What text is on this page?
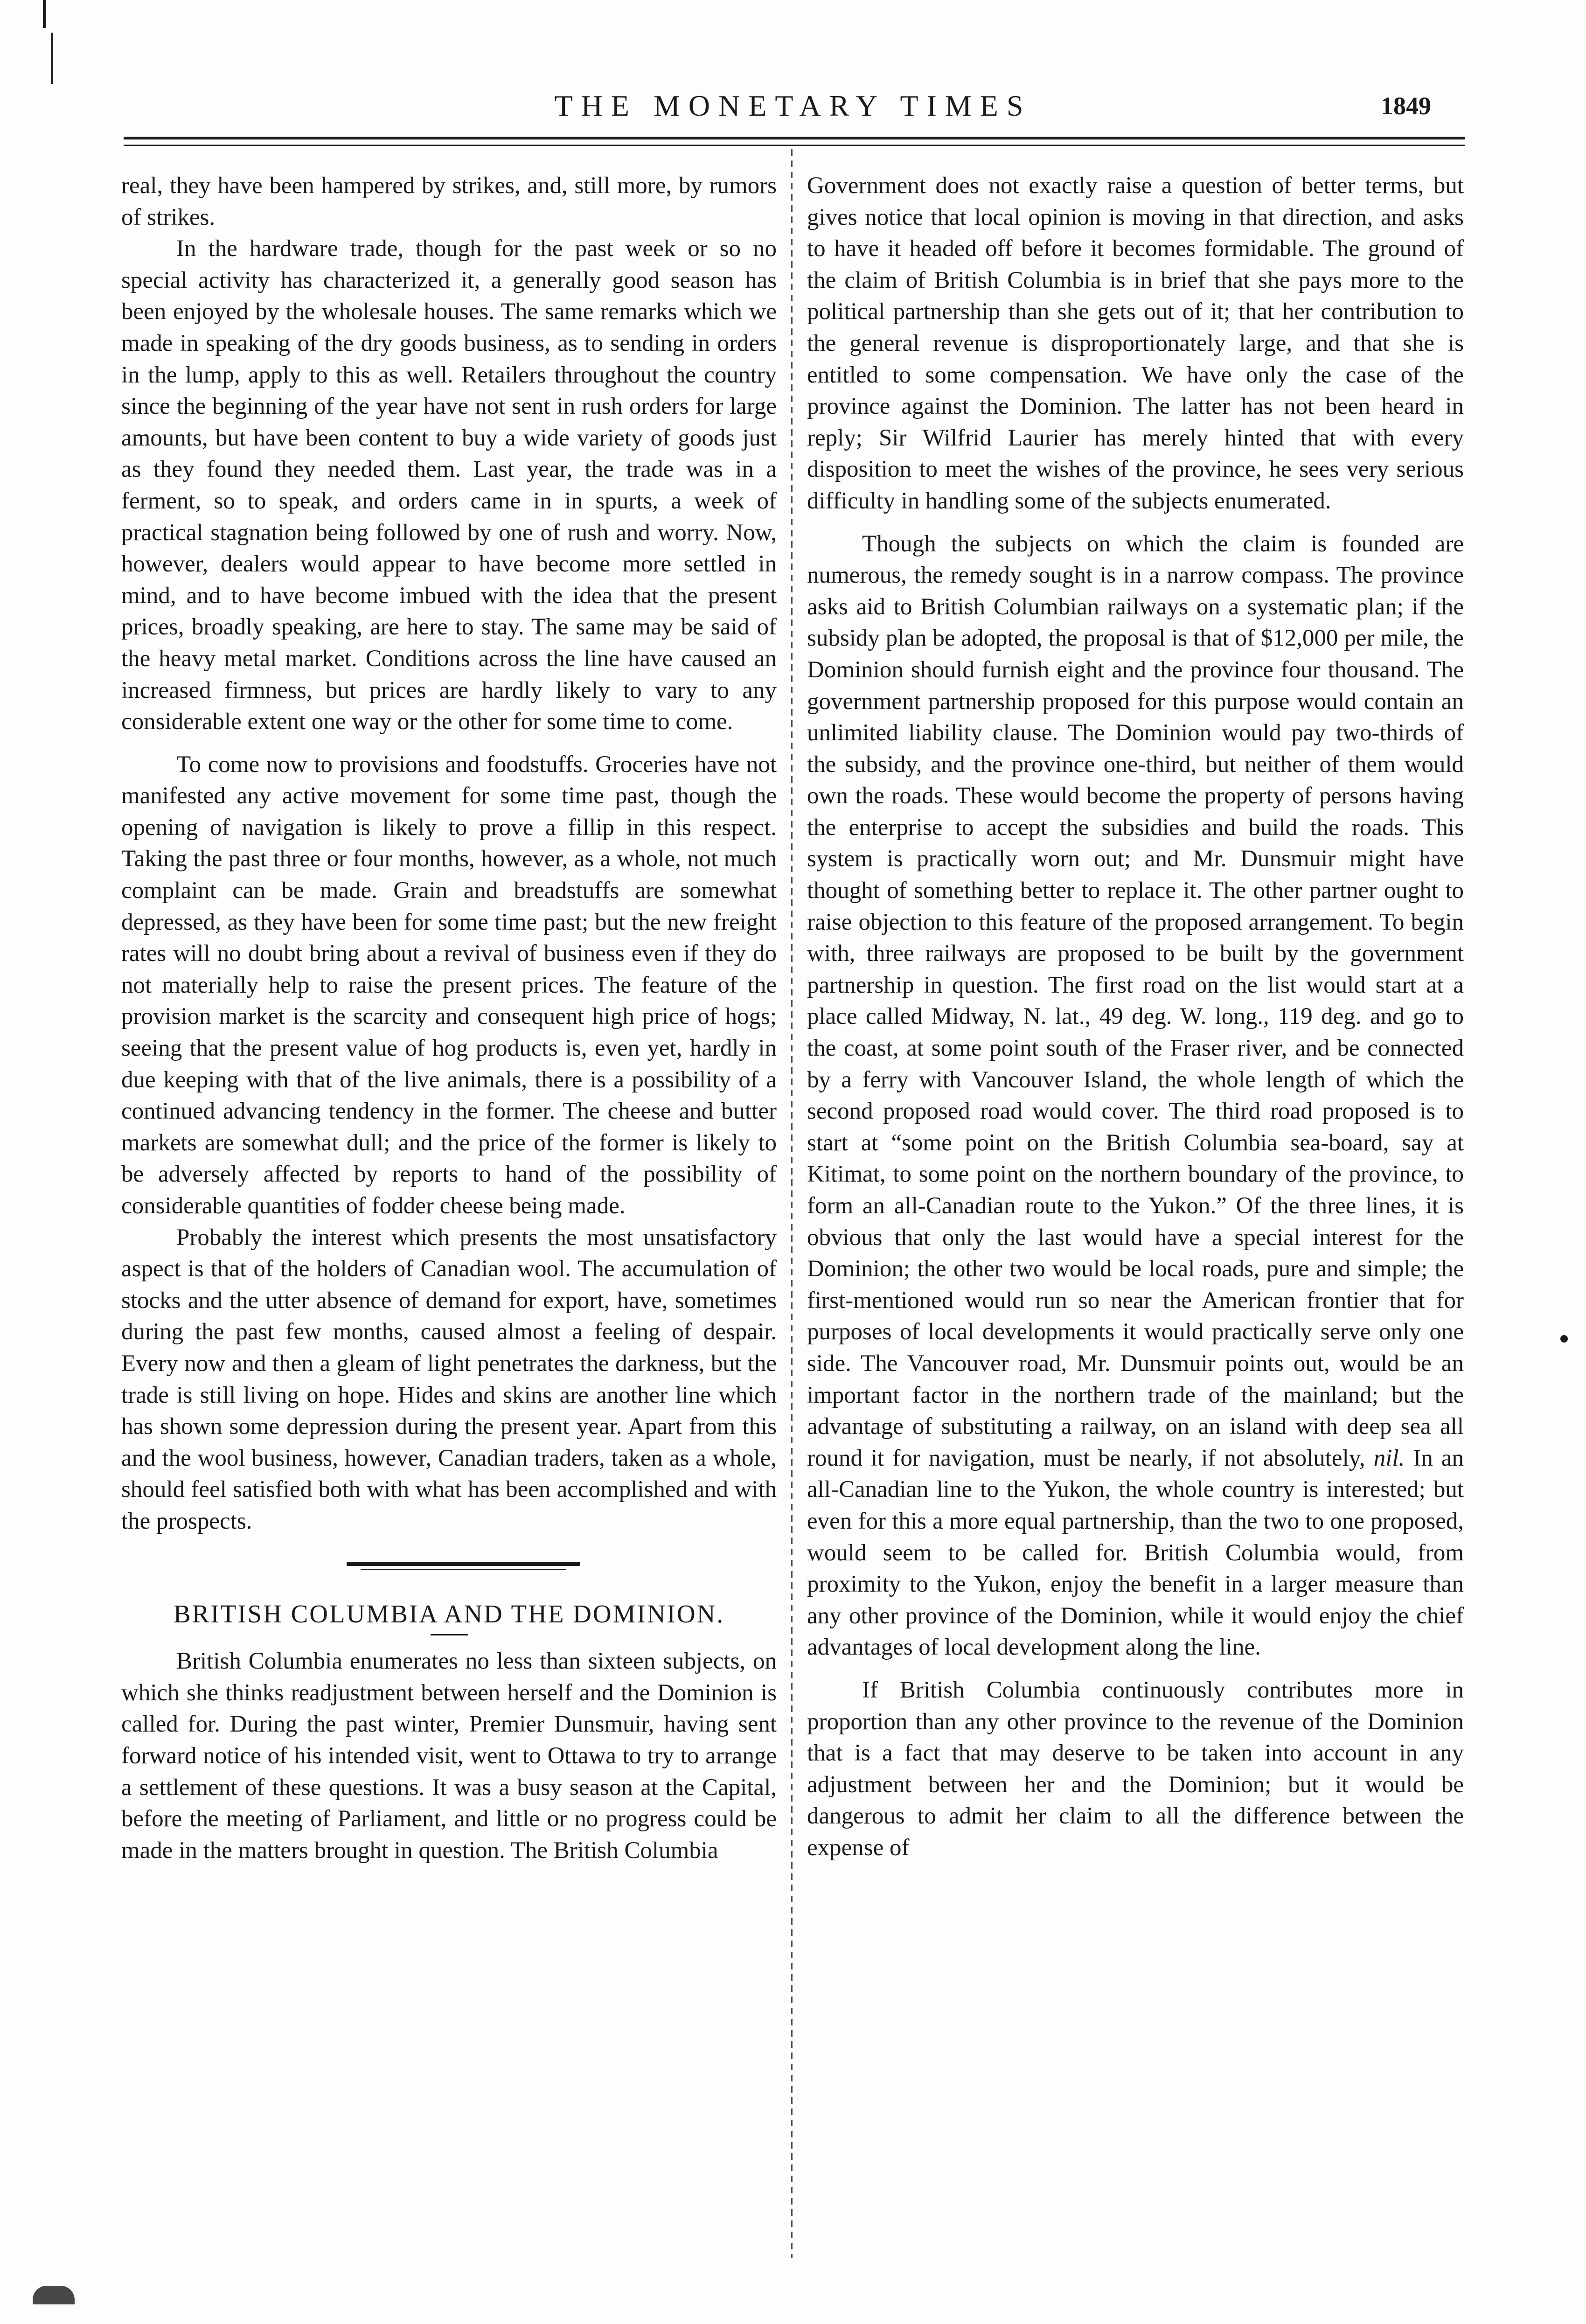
THE MONETARY TIMES	1849

real, they have been hampered by strikes, and, still more, by rumors of strikes.

In the hardware trade, though for the past week or so no special activity has characterized it, a generally good season has been enjoyed by the wholesale houses. The same remarks which we made in speaking of the dry goods business, as to sending in orders in the lump, apply to this as well. Retailers throughout the country since the beginning of the year have not sent in rush orders for large amounts, but have been content to buy a wide variety of goods just as they found they needed them. Last year, the trade was in a ferment, so to speak, and orders came in in spurts, a week of practical stagnation being followed by one of rush and worry. Now, however, dealers would appear to have become more settled in mind, and to have become imbued with the idea that the present prices, broadly speaking, are here to stay. The same may be said of the heavy metal market. Conditions across the line have caused an increased firmness, but prices are hardly likely to vary to any considerable extent one way or the other for some time to come.

To come now to provisions and foodstuffs. Groceries have not manifested any active movement for some time past, though the opening of navigation is likely to prove a fillip in this respect. Taking the past three or four months, however, as a whole, not much complaint can be made. Grain and breadstuffs are somewhat depressed, as they have been for some time past; but the new freight rates will no doubt bring about a revival of business even if they do not materially help to raise the present prices. The feature of the provision market is the scarcity and consequent high price of hogs; seeing that the present value of hog products is, even yet, hardly in due keeping with that of the live animals, there is a possibility of a continued advancing tendency in the former. The cheese and butter markets are somewhat dull; and the price of the former is likely to be adversely affected by reports to hand of the possibility of considerable quantities of fodder cheese being made.

Probably the interest which presents the most unsatisfactory aspect is that of the holders of Canadian wool. The accumulation of stocks and the utter absence of demand for export, have, sometimes during the past few months, caused almost a feeling of despair. Every now and then a gleam of light penetrates the darkness, but the trade is still living on hope. Hides and skins are another line which has shown some depression during the present year. Apart from this and the wool business, however, Canadian traders, taken as a whole, should feel satisfied both with what has been accomplished and with the prospects.

BRITISH COLUMBIA AND THE DOMINION.

British Columbia enumerates no less than sixteen subjects, on which she thinks readjustment between herself and the Dominion is called for. During the past winter, Premier Dunsmuir, having sent forward notice of his intended visit, went to Ottawa to try to arrange a settlement of these questions. It was a busy season at the Capital, before the meeting of Parliament, and little or no progress could be made in the matters brought in question. The British Columbia

Government does not exactly raise a question of better terms, but gives notice that local opinion is moving in that direction, and asks to have it headed off before it becomes formidable. The ground of the claim of British Columbia is in brief that she pays more to the political partnership than she gets out of it; that her contribution to the general revenue is disproportionately large, and that she is entitled to some compensation. We have only the case of the province against the Dominion. The latter has not been heard in reply; Sir Wilfrid Laurier has merely hinted that with every disposition to meet the wishes of the province, he sees very serious difficulty in handling some of the subjects enumerated.

Though the subjects on which the claim is founded are numerous, the remedy sought is in a narrow compass. The province asks aid to British Columbian railways on a systematic plan; if the subsidy plan be adopted, the proposal is that of $12,000 per mile, the Dominion should furnish eight and the province four thousand. The government partnership proposed for this purpose would contain an unlimited liability clause. The Dominion would pay two-thirds of the subsidy, and the province one-third, but neither of them would own the roads. These would become the property of persons having the enterprise to accept the subsidies and build the roads. This system is practically worn out; and Mr. Dunsmuir might have thought of something better to replace it. The other partner ought to raise objection to this feature of the proposed arrangement. To begin with, three railways are proposed to be built by the government partnership in question. The first road on the list would start at a place called Midway, N. lat., 49 deg. W. long., 119 deg. and go to the coast, at some point south of the Fraser river, and be connected by a ferry with Vancouver Island, the whole length of which the second proposed road would cover. The third road proposed is to start at “some point on the British Columbia sea-board, say at Kitimat, to some point on the northern boundary of the province, to form an all-Canadian route to the Yukon.” Of the three lines, it is obvious that only the last would have a special interest for the Dominion; the other two would be local roads, pure and simple; the first-mentioned would run so near the American frontier that for purposes of local developments it would practically serve only one side. The Vancouver road, Mr. Dunsmuir points out, would be an important factor in the northern trade of the mainland; but the advantage of substituting a railway, on an island with deep sea all round it for navigation, must be nearly, if not absolutely, nil. In an all-Canadian line to the Yukon, the whole country is interested; but even for this a more equal partnership, than the two to one proposed, would seem to be called for. British Columbia would, from proximity to the Yukon, enjoy the benefit in a larger measure than any other province of the Dominion, while it would enjoy the chief advantages of local development along the line.

If British Columbia continuously contributes more in proportion than any other province to the revenue of the Dominion that is a fact that may deserve to be taken into account in any adjustment between her and the Dominion; but it would be dangerous to admit her claim to all the difference between the expense of
